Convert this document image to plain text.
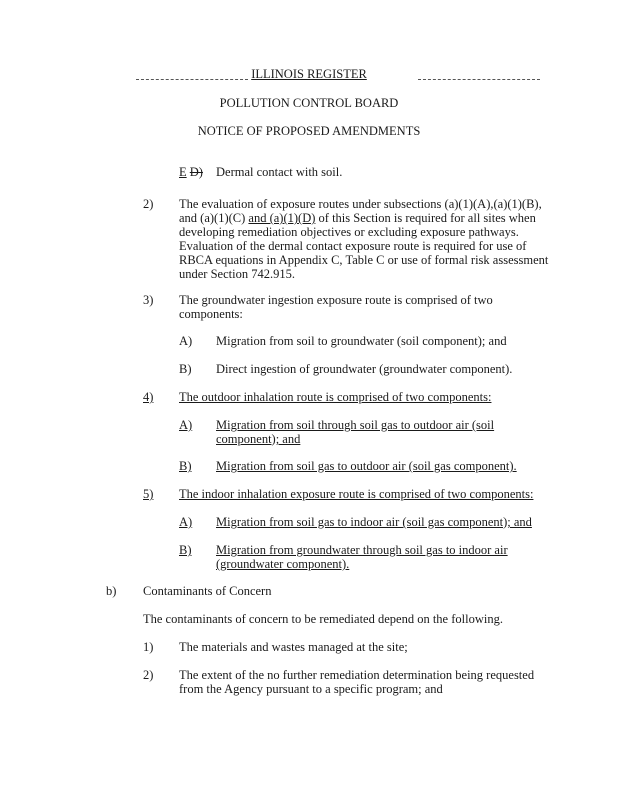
ILLINOIS REGISTER
POLLUTION CONTROL BOARD
NOTICE OF PROPOSED AMENDMENTS
E D) Dermal contact with soil.
2) The evaluation of exposure routes under subsections (a)(1)(A),(a)(1)(B),
and (a)(1)(C) and (a)(1)(D) of this Section is required for all sites when
developing remediation objectives or excluding exposure pathways.
Evaluation of the dermal contact exposure route is required for use of
RBCA equations in Appendix C, Table C or use of formal risk assessment
under Section 742.915.
3) The groundwater ingestion exposure route is comprised of two
components:
A) Migration from soil to groundwater (soil component); and
B) Direct ingestion of groundwater (groundwater component).
4) The outdoor inhalation route is comprised of two components:
A) Migration from soil through soil gas to outdoor air (soil
component); and
B) Migration from soil gas to outdoor air (soil gas component).
5) The indoor inhalation exposure route is comprised of two components:
A) Migration from soil gas to indoor air (soil gas component); and
B) Migration from groundwater through soil gas to indoor air
(groundwater component).
b) Contaminants of Concern
The contaminants of concern to be remediated depend on the following.
1) The materials and wastes managed at the site;
2) The extent of the no further remediation determination being requested
from the Agency pursuant to a specific program; and
